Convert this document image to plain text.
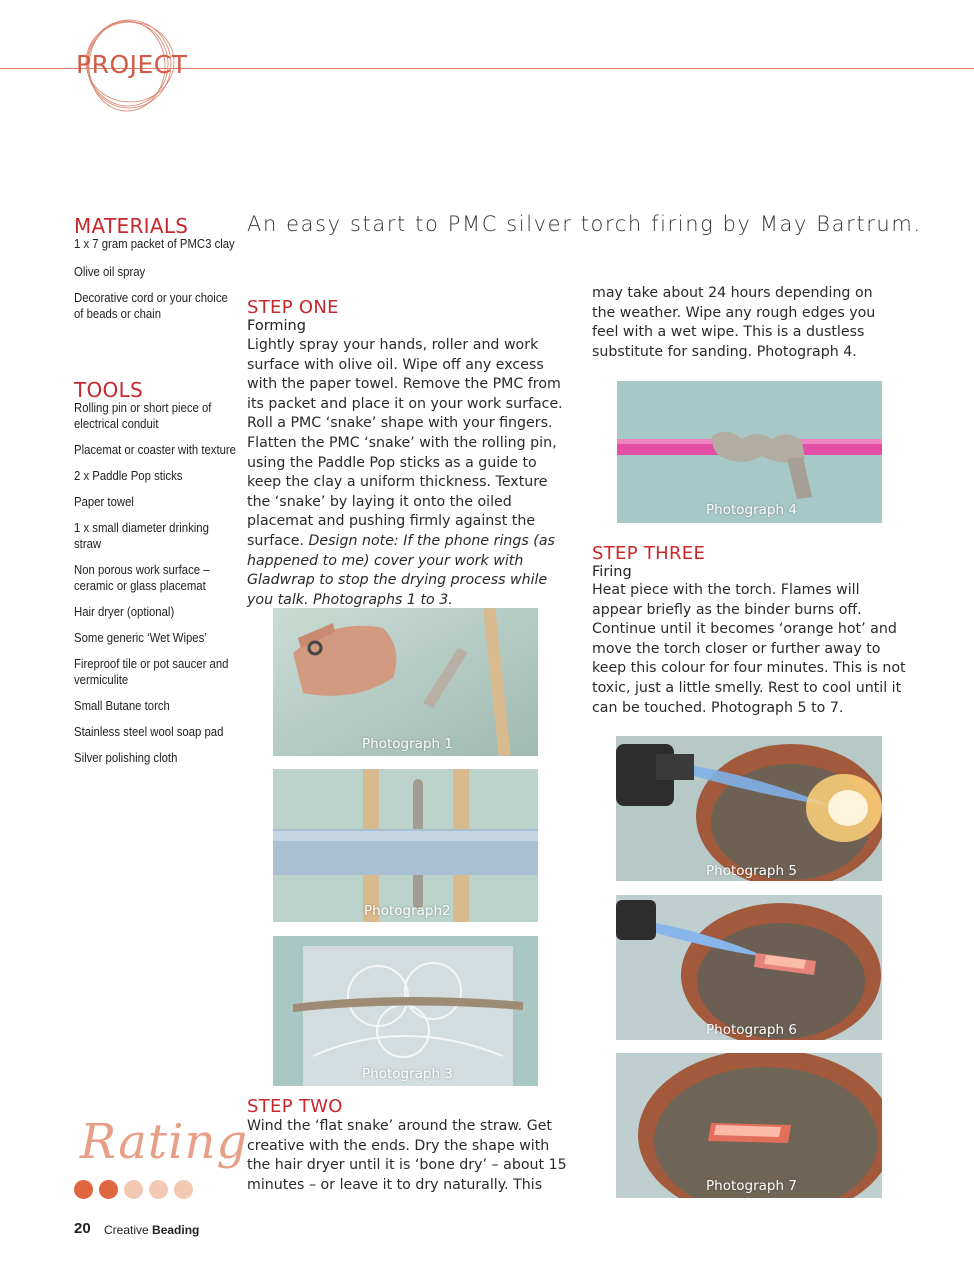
PROJECT
MATERIALS
1 x 7 gram packet of PMC3 clay
Olive oil spray
Decorative cord or your choice of beads or chain
TOOLS
Rolling pin or short piece of electrical conduit
Placemat or coaster with texture
2 x Paddle Pop sticks
Paper towel
1 x small diameter drinking straw
Non porous work surface – ceramic or glass placemat
Hair dryer (optional)
Some generic ‘Wet Wipes’
Fireproof tile or pot saucer and vermiculite
Small Butane torch
Stainless steel wool soap pad
Silver polishing cloth
An easy start to PMC silver torch firing by May Bartrum.
STEP ONE
Forming
Lightly spray your hands, roller and work surface with olive oil. Wipe off any excess with the paper towel. Remove the PMC from its packet and place it on your work surface. Roll a PMC ‘snake’ shape with your fingers. Flatten the PMC ‘snake’ with the rolling pin, using the Paddle Pop sticks as a guide to keep the clay a uniform thickness. Texture the ‘snake’ by laying it onto the oiled placemat and pushing firmly against the surface. Design note: If the phone rings (as happened to me) cover your work with Gladwrap to stop the drying process while you talk. Photographs 1 to 3.
Photograph 1
Photograph2
Photograph 3
STEP TWO
Wind the ‘flat snake’ around the straw. Get creative with the ends. Dry the shape with the hair dryer until it is ‘bone dry’ – about 15 minutes – or leave it to dry naturally. This
may take about 24 hours depending on the weather. Wipe any rough edges you feel with a wet wipe. This is a dustless substitute for sanding. Photograph 4.
Photograph 4
STEP THREE
Firing
Heat piece with the torch. Flames will appear briefly as the binder burns off. Continue until it becomes ‘orange hot’ and move the torch closer or further away to keep this colour for four minutes. This is not toxic, just a little smelly. Rest to cool until it can be touched. Photograph 5 to 7.
Photograph 5
Photograph 6
Photograph 7
Rating
20 Creative Beading
